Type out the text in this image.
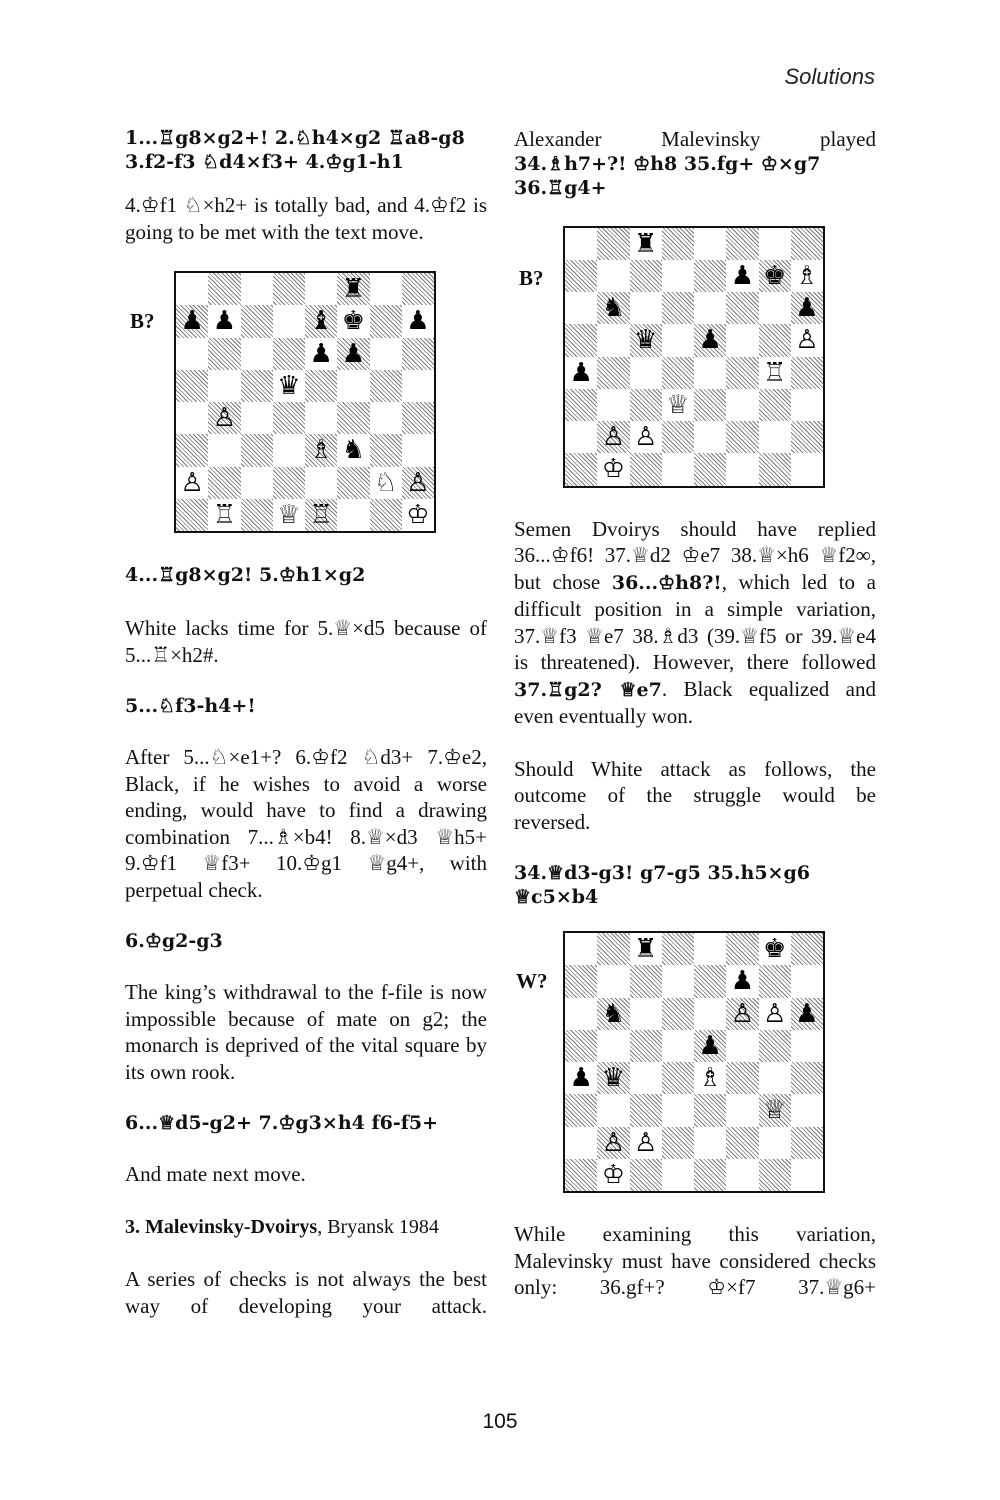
Solutions

1...♖g8×g2+! 2.♘h4×g2 ♖a8-g8 3.f2-f3 ♘d4×f3+ 4.♔g1-h1

4.♔f1 ♘×h2+ is totally bad, and 4.♔f2 is going to be met with the text move.

B?
♜
♟ ♟	♝ ♚ ♟
♟ ♟
♛
♙
♗ ♞
♙	♘ ♙
♖ ♕ ♖	♔

4...♖g8×g2! 5.♔h1×g2

White lacks time for 5.♕×d5 because of 5...♖×h2#.

5...♘f3-h4+!

After 5...♘×e1+? 6.♔f2 ♘d3+ 7.♔e2, Black, if he wishes to avoid a worse ending, would have to find a drawing combination 7...♗×b4! 8.♕×d3 ♕h5+ 9.♔f1 ♕f3+ 10.♔g1 ♕g4+, with perpetual check.

6.♔g2-g3

The king’s withdrawal to the f-file is now impossible because of mate on g2; the monarch is deprived of the vital square by its own rook.

6...♕d5-g2+ 7.♔g3×h4 f6-f5+

And mate next move.

3. Malevinsky-Dvoirys, Bryansk 1984

A series of checks is not always the best way of developing your attack.

Alexander Malevinsky played

34.♗h7+?! ♔h8 35.fg+ ♔×g7 36.♖g4+

B?
♜
♟ ♚ ♗
♞	♟
♛ ♟	♙
♟	♖
♕
♙ ♙
♔

Semen Dvoirys should have replied 36...♔f6! 37.♕d2 ♔e7 38.♕×h6 ♕f2∞, but chose 36...♔h8?!, which led to a difficult position in a simple variation, 37.♕f3 ♕e7 38.♗d3 (39.♕f5 or 39.♕e4 is threatened). However, there followed 37.♖g2? ♕e7. Black equalized and even eventually won.

Should White attack as follows, the outcome of the struggle would be reversed.

34.♕d3-g3! g7-g5 35.h5×g6 ♕c5×b4

W?
♜	♚
♟
♞	♙ ♙ ♟
♟
♟ ♛	♗
♕
♙ ♙
♔

While examining this variation, Malevinsky must have considered checks only: 36.gf+? ♔×f7 37.♕g6+

105
